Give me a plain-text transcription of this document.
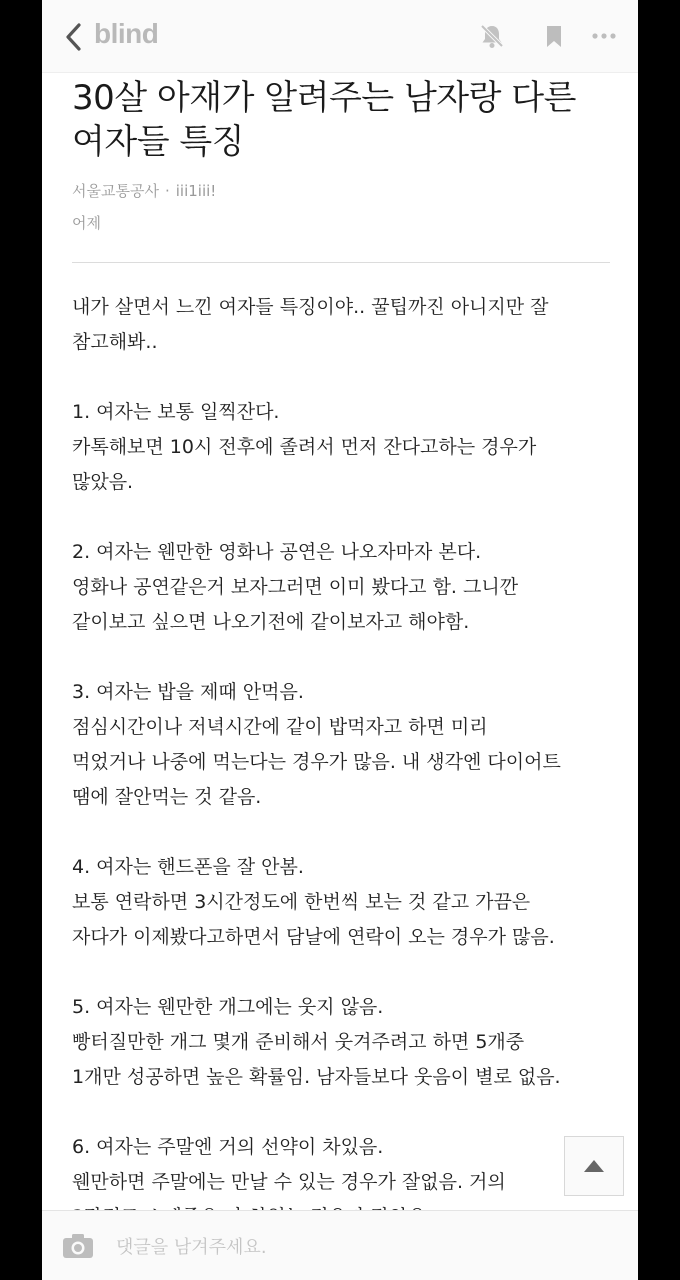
blind
30살 아재가 알려주는 남자랑 다른
여자들 특징
서울교통공사 · iii1iii!
어제
내가 살면서 느낀 여자들 특징이야.. 꿀팁까진 아니지만 잘
참고해봐..
1. 여자는 보통 일찍잔다.
카톡해보면 10시 전후에 졸려서 먼저 잔다고하는 경우가
많았음.
2. 여자는 웬만한 영화나 공연은 나오자마자 본다.
영화나 공연같은거 보자그러면 이미 봤다고 함. 그니깐
같이보고 싶으면 나오기전에 같이보자고 해야함.
3. 여자는 밥을 제때 안먹음.
점심시간이나 저녁시간에 같이 밥먹자고 하면 미리
먹었거나 나중에 먹는다는 경우가 많음. 내 생각엔 다이어트
땜에 잘안먹는 것 같음.
4. 여자는 핸드폰을 잘 안봄.
보통 연락하면 3시간정도에 한번씩 보는 것 같고 가끔은
자다가 이제봤다고하면서 담날에 연락이 오는 경우가 많음.
5. 여자는 웬만한 개그에는 웃지 않음.
빵터질만한 개그 몇개 준비해서 웃겨주려고 하면 5개중
1개만 성공하면 높은 확률임. 남자들보다 웃음이 별로 없음.
6. 여자는 주말엔 거의 선약이 차있음.
웬만하면 주말에는 만날 수 있는 경우가 잘없음. 거의
댓글을 남겨주세요.
